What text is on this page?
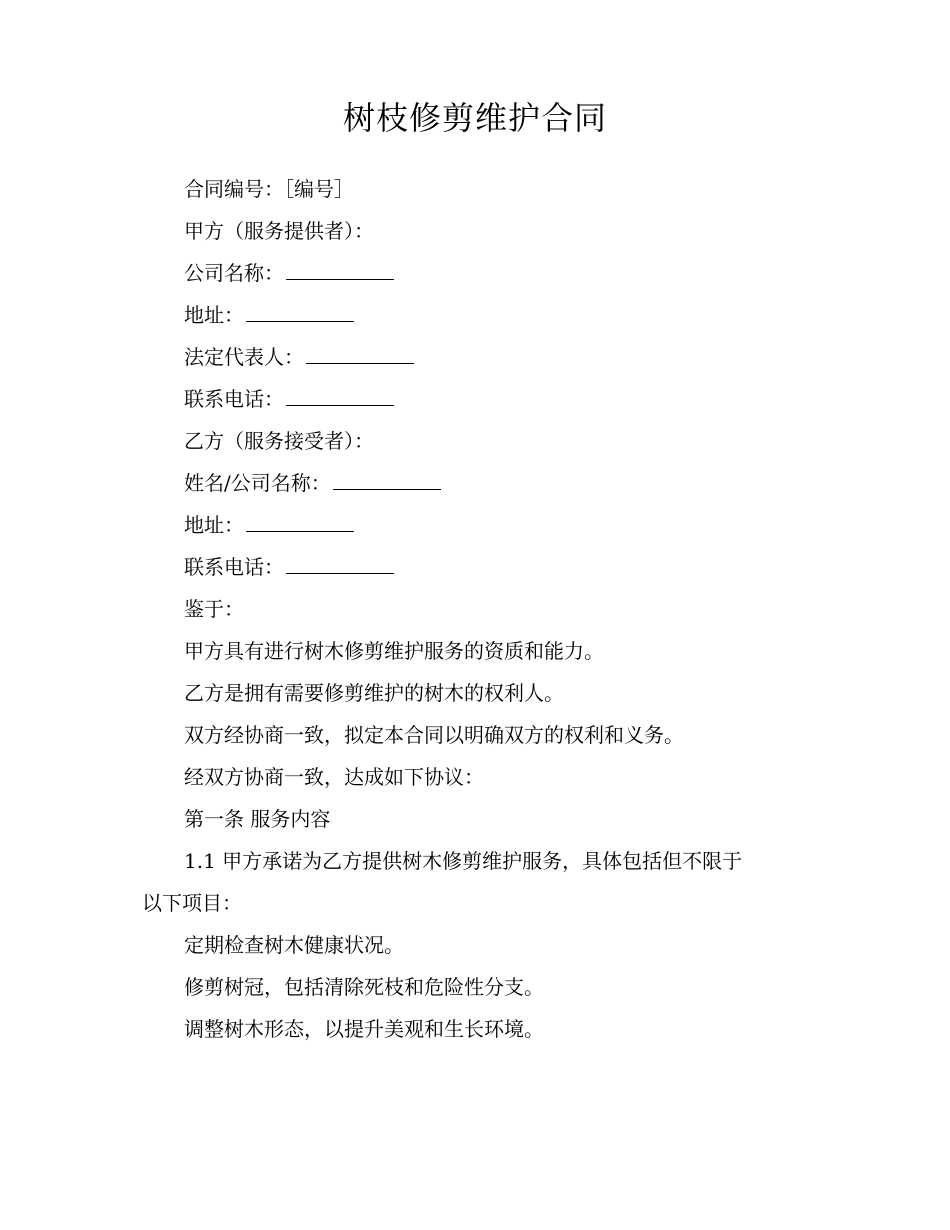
树枝修剪维护合同
合同编号：［编号］
甲方（服务提供者）：
公司名称：
地址：
法定代表人：
联系电话：
乙方（服务接受者）：
姓名/公司名称：
地址：
联系电话：
鉴于：
甲方具有进行树木修剪维护服务的资质和能力。
乙方是拥有需要修剪维护的树木的权利人。
双方经协商一致，拟定本合同以明确双方的权利和义务。
经双方协商一致，达成如下协议：
第一条 服务内容
1.1 甲方承诺为乙方提供树木修剪维护服务，具体包括但不限于
以下项目：
定期检查树木健康状况。
修剪树冠，包括清除死枝和危险性分支。
调整树木形态，以提升美观和生长环境。
